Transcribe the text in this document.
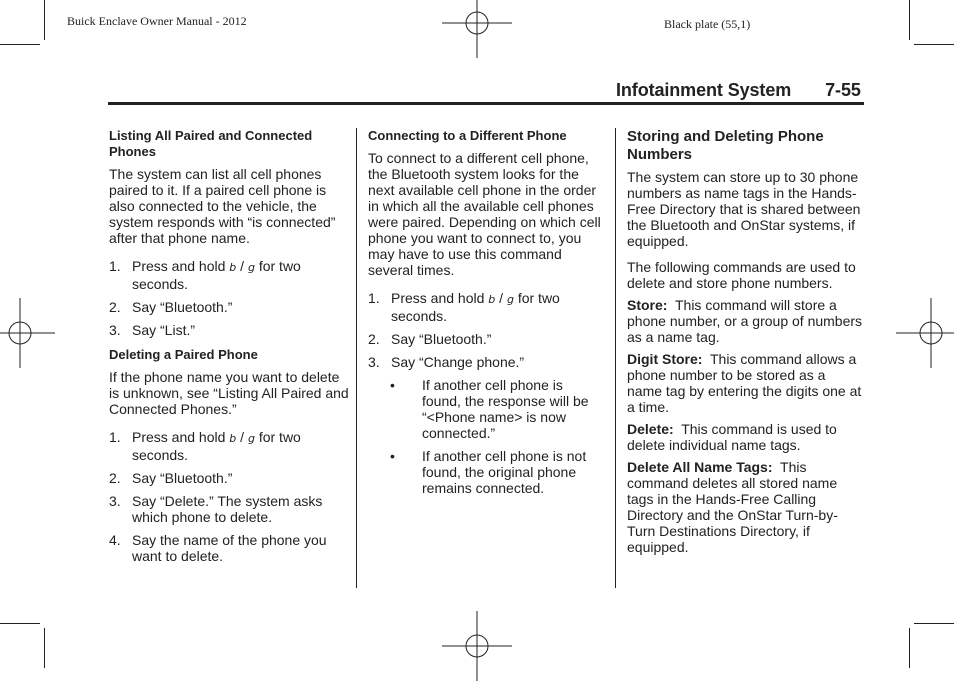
Buick Enclave Owner Manual - 2012	Black plate (55,1)
Infotainment System 7-55
Listing All Paired and Connected Phones

The system can list all cell phones paired to it. If a paired cell phone is also connected to the vehicle, the system responds with “is connected” after that phone name.

1. Press and hold b / g for two seconds.
2. Say “Bluetooth.”
3. Say “List.”
Deleting a Paired Phone

If the phone name you want to delete is unknown, see “Listing All Paired and Connected Phones.”

1. Press and hold b / g for two seconds.
2. Say “Bluetooth.”
3. Say “Delete.” The system asks which phone to delete.
4. Say the name of the phone you want to delete.
Connecting to a Different Phone

To connect to a different cell phone, the Bluetooth system looks for the next available cell phone in the order in which all the available cell phones were paired. Depending on which cell phone you want to connect to, you may have to use this command several times.

1. Press and hold b / g for two seconds.
2. Say “Bluetooth.”
3. Say “Change phone.”
• If another cell phone is found, the response will be “<Phone name> is now connected.”
• If another cell phone is not found, the original phone remains connected.
Storing and Deleting Phone Numbers

The system can store up to 30 phone numbers as name tags in the Hands-Free Directory that is shared between the Bluetooth and OnStar systems, if equipped.

The following commands are used to delete and store phone numbers.

Store: This command will store a phone number, or a group of numbers as a name tag.

Digit Store: This command allows a phone number to be stored as a name tag by entering the digits one at a time.

Delete: This command is used to delete individual name tags.

Delete All Name Tags: This command deletes all stored name tags in the Hands-Free Calling Directory and the OnStar Turn-by-Turn Destinations Directory, if equipped.
